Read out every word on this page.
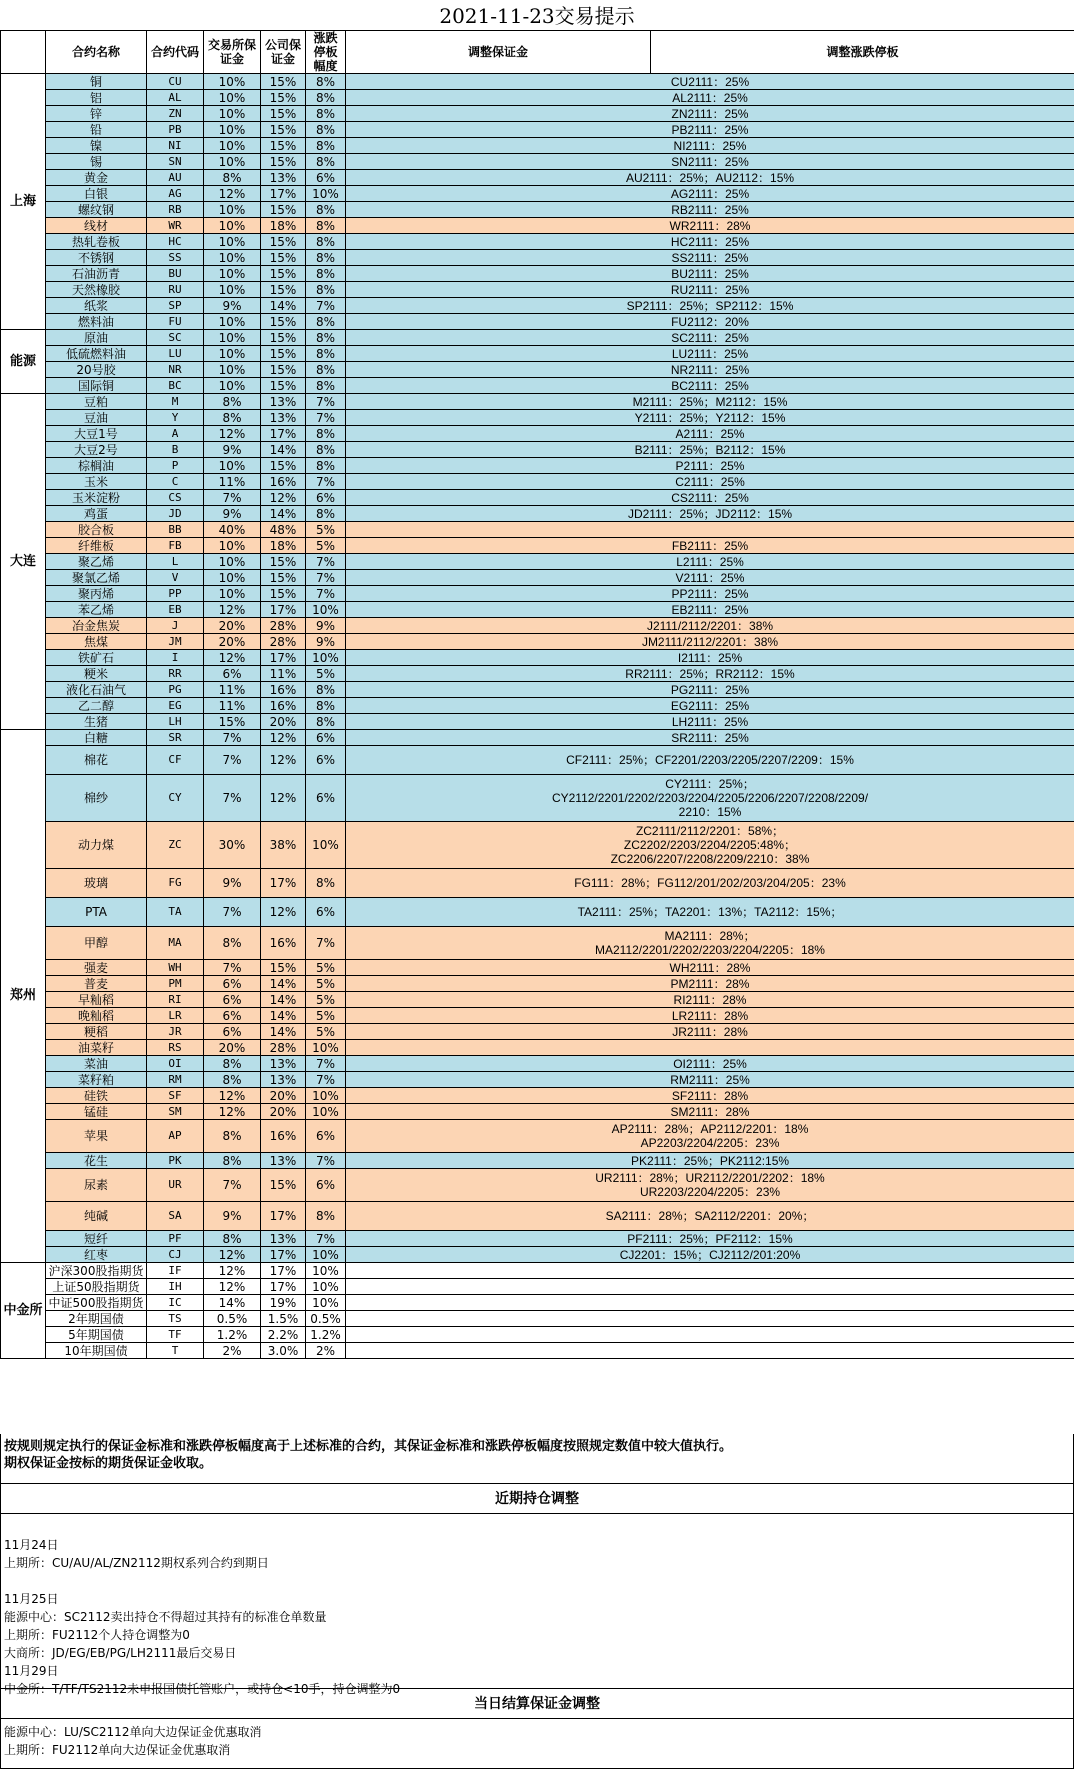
2021-11-23交易提示
	合约名称	合约代码	交易所保证金	公司保证金	涨跌停板幅度	调整保证金	调整涨跌停板	
上海	铜	CU	10%	15%	8%	CU2111：25%		
	铝	AL	10%	15%	8%	AL2111：25%		
	锌	ZN	10%	15%	8%	ZN2111：25%		
	铅	PB	10%	15%	8%	PB2111：25%		
	镍	NI	10%	15%	8%	NI2111：25%		
	锡	SN	10%	15%	8%	SN2111：25%		
	黄金	AU	8%	13%	6%	AU2111：25%；AU2112：15%		
	白银	AG	12%	17%	10%	AG2111：25%		
	螺纹钢	RB	10%	15%	8%	RB2111：25%		
	线材	WR	10%	18%	8%	WR2111：28%		
	热轧卷板	HC	10%	15%	8%	HC2111：25%		
	不锈钢	SS	10%	15%	8%	SS2111：25%		
	石油沥青	BU	10%	15%	8%	BU2111：25%		
	天然橡胶	RU	10%	15%	8%	RU2111：25%		
	纸浆	SP	9%	14%	7%	SP2111：25%；SP2112：15%		
	燃料油	FU	10%	15%	8%	FU2112：20%		
能源	原油	SC	10%	15%	8%	SC2111：25%		
	低硫燃料油	LU	10%	15%	8%	LU2111：25%		
	20号胶	NR	10%	15%	8%	NR2111：25%		
	国际铜	BC	10%	15%	8%	BC2111：25%		
大连	豆粕	M	8%	13%	7%	M2111：25%；M2112：15%		
	豆油	Y	8%	13%	7%	Y2111：25%；Y2112：15%		
	大豆1号	A	12%	17%	8%	A2111：25%		
	大豆2号	B	9%	14%	8%	B2111：25%；B2112：15%		
	棕榈油	P	10%	15%	8%	P2111：25%		
	玉米	C	11%	16%	7%	C2111：25%		
	玉米淀粉	CS	7%	12%	6%	CS2111：25%		
	鸡蛋	JD	9%	14%	8%	JD2111：25%；JD2112：15%		
	胶合板	BB	40%	48%	5%			
	纤维板	FB	10%	18%	5%	FB2111：25%		
	聚乙烯	L	10%	15%	7%	L2111：25%		
	聚氯乙烯	V	10%	15%	7%	V2111：25%		
	聚丙烯	PP	10%	15%	7%	PP2111：25%		
	苯乙烯	EB	12%	17%	10%	EB2111：25%		
	冶金焦炭	J	20%	28%	9%	J2111/2112/2201：38%		
	焦煤	JM	20%	28%	9%	JM2111/2112/2201：38%		
	铁矿石	I	12%	17%	10%	I2111：25%		
	粳米	RR	6%	11%	5%	RR2111：25%；RR2112：15%		
	液化石油气	PG	11%	16%	8%	PG2111：25%		
	乙二醇	EG	11%	16%	8%	EG2111：25%		
	生猪	LH	15%	20%	8%	LH2111：25%		
郑州	白糖	SR	7%	12%	6%	SR2111：25%		
	棉花	CF	7%	12%	6%	CF2111：25%；CF2201/2203/2205/2207/2209：15%	
	棉纱	CY	7%	12%	6%	CY2111：25%；
CY2112/2201/2202/2203/2204/2205/2206/2207/2208/2209/
2210：15%	
	动力煤	ZC	30%	38%	10%	ZC2111/2112/2201：58%；
ZC2202/2203/2204/2205:48%；
ZC2206/2207/2208/2209/2210：38%		
	玻璃	FG	9%	17%	8%	FG111：28%；FG112/201/202/203/204/205：23%	
	PTA	TA	7%	12%	6%	TA2111：25%；TA2201：13%；TA2112：15%；	
	甲醇	MA	8%	16%	7%	MA2111：28%；
MA2112/2201/2202/2203/2204/2205：18%	
	强麦	WH	7%	15%	5%	WH2111：28%		
	普麦	PM	6%	14%	5%	PM2111：28%		
	早籼稻	RI	6%	14%	5%	RI2111：28%		
	晚籼稻	LR	6%	14%	5%	LR2111：28%		
	粳稻	JR	6%	14%	5%	JR2111：28%		
	油菜籽	RS	20%	28%	10%			
	菜油	OI	8%	13%	7%	OI2111：25%		
	菜籽粕	RM	8%	13%	7%	RM2111：25%		
	硅铁	SF	12%	20%	10%	SF2111：28%		
	锰硅	SM	12%	20%	10%	SM2111：28%		
	苹果	AP	8%	16%	6%	AP2111：28%；AP2112/2201：18%
AP2203/2204/2205：23%	
	花生	PK	8%	13%	7%	PK2111：25%；PK2112:15%		
	尿素	UR	7%	15%	6%	UR2111：28%；UR2112/2201/2202：18%
UR2203/2204/2205：23%	
	纯碱	SA	9%	17%	8%	SA2111：28%；SA2112/2201：20%；	
	短纤	PF	8%	13%	7%	PF2111：25%；PF2112：15%		
	红枣	CJ	12%	17%	10%	CJ2201：15%；CJ2112/201:20%		
中金所	沪深300股指期货	IF	12%	17%	10%			
	上证50股指期货	IH	12%	17%	10%			
	中证500股指期货	IC	14%	19%	10%			
	2年期国债	TS	0.5%	1.5%	0.5%			
	5年期国债	TF	1.2%	2.2%	1.2%			
	10年期国债	T	2%	3.0%	2%			
按规则规定执行的保证金标准和涨跌停板幅度高于上述标准的合约，其保证金标准和涨跌停板幅度按照规定数值中较大值执行。
期权保证金按标的期货保证金收取。
近期持仓调整

11月24日
上期所：CU/AU/AL/ZN2112期权系列合约到期日

11月25日
能源中心：SC2112卖出持仓不得超过其持有的标准仓单数量
上期所：FU2112个人持仓调整为0
大商所：JD/EG/EB/PG/LH2111最后交易日
11月29日
中金所：T/TF/TS2112未申报国债托管账户，或持仓<10手，持仓调整为0
当日结算保证金调整
能源中心：LU/SC2112单向大边保证金优惠取消
上期所：FU2112单向大边保证金优惠取消
